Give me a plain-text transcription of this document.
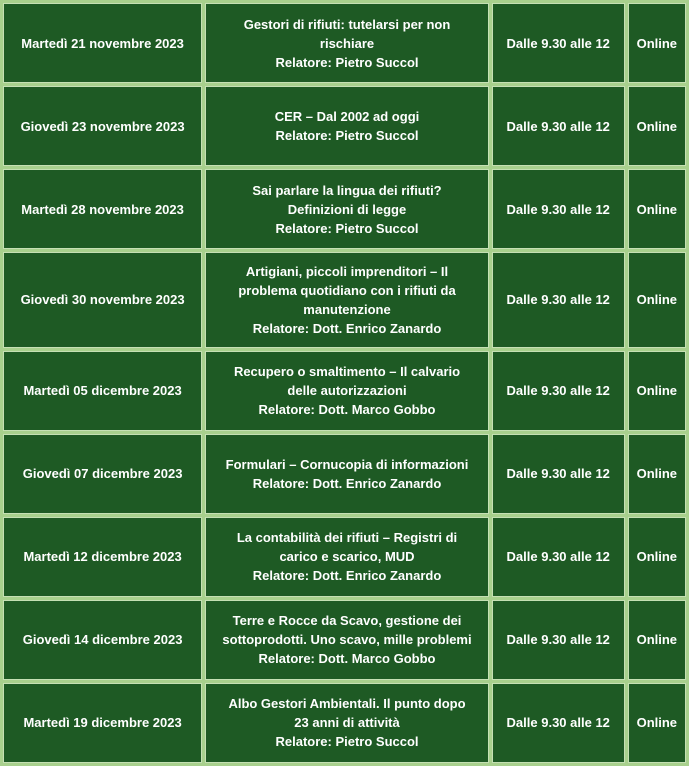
Martedì 21 novembre 2023	Gestori di rifiuti: tutelarsi per non
rischiare
Relatore: Pietro Succol	Dalle 9.30 alle 12	Online
Giovedì 23 novembre 2023	CER – Dal 2002 ad oggi
Relatore: Pietro Succol	Dalle 9.30 alle 12	Online
Martedì 28 novembre 2023	Sai parlare la lingua dei rifiuti?
Definizioni di legge
Relatore: Pietro Succol	Dalle 9.30 alle 12	Online
Giovedì 30 novembre 2023	Artigiani, piccoli imprenditori – Il
problema quotidiano con i rifiuti da
manutenzione
Relatore: Dott. Enrico Zanardo	Dalle 9.30 alle 12	Online
Martedì 05 dicembre 2023	Recupero o smaltimento – Il calvario
delle autorizzazioni
Relatore: Dott. Marco Gobbo	Dalle 9.30 alle 12	Online
Giovedì 07 dicembre 2023	Formulari – Cornucopia di informazioni
Relatore: Dott. Enrico Zanardo	Dalle 9.30 alle 12	Online
Martedì 12 dicembre 2023	La contabilità dei rifiuti – Registri di
carico e scarico, MUD
Relatore: Dott. Enrico Zanardo	Dalle 9.30 alle 12	Online
Giovedì 14 dicembre 2023	Terre e Rocce da Scavo, gestione dei
sottoprodotti. Uno scavo, mille problemi
Relatore: Dott. Marco Gobbo	Dalle 9.30 alle 12	Online
Martedì 19 dicembre 2023	Albo Gestori Ambientali. Il punto dopo
23 anni di attività
Relatore: Pietro Succol	Dalle 9.30 alle 12	Online
